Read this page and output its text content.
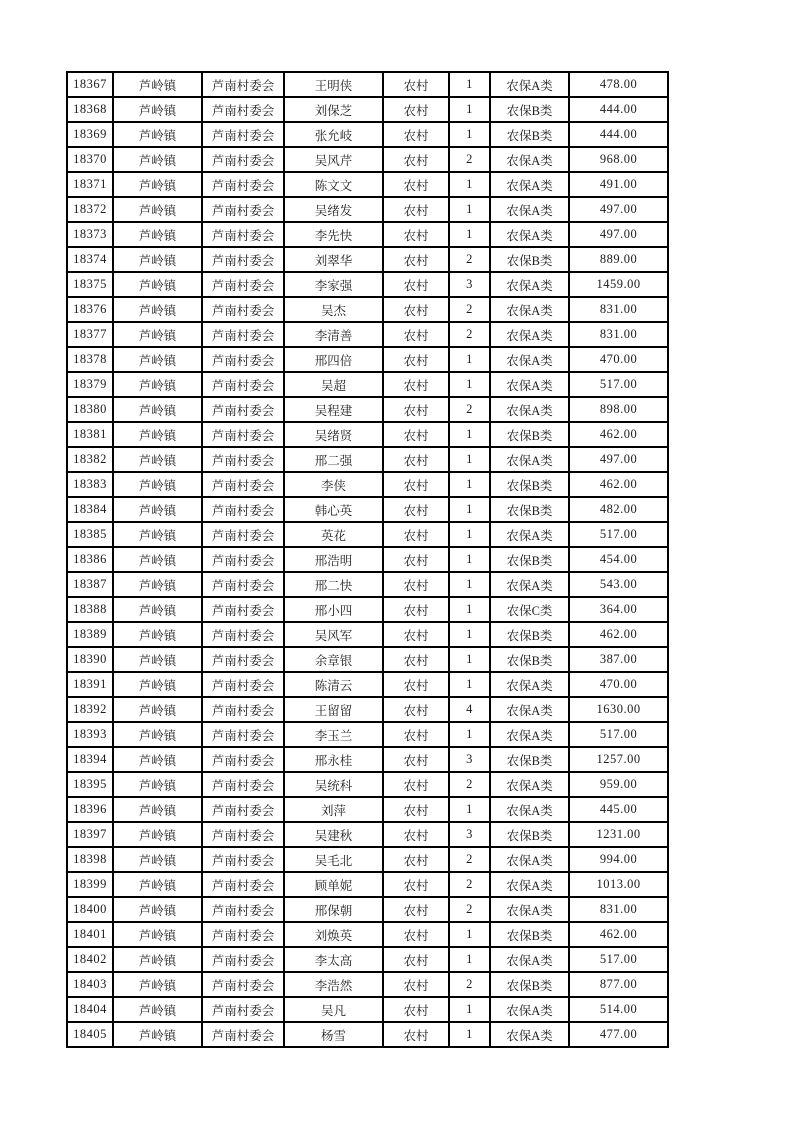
18367	芦岭镇	芦南村委会	王明侠	农村	1	农保A类	478.00
18368	芦岭镇	芦南村委会	刘保芝	农村	1	农保B类	444.00
18369	芦岭镇	芦南村委会	张允岐	农村	1	农保B类	444.00
18370	芦岭镇	芦南村委会	吴风芹	农村	2	农保A类	968.00
18371	芦岭镇	芦南村委会	陈文文	农村	1	农保A类	491.00
18372	芦岭镇	芦南村委会	吴绪发	农村	1	农保A类	497.00
18373	芦岭镇	芦南村委会	李先快	农村	1	农保A类	497.00
18374	芦岭镇	芦南村委会	刘翠华	农村	2	农保B类	889.00
18375	芦岭镇	芦南村委会	李家强	农村	3	农保A类	1459.00
18376	芦岭镇	芦南村委会	吴杰	农村	2	农保A类	831.00
18377	芦岭镇	芦南村委会	李清善	农村	2	农保A类	831.00
18378	芦岭镇	芦南村委会	邢四倍	农村	1	农保A类	470.00
18379	芦岭镇	芦南村委会	吴超	农村	1	农保A类	517.00
18380	芦岭镇	芦南村委会	吴程建	农村	2	农保A类	898.00
18381	芦岭镇	芦南村委会	吴绪贤	农村	1	农保B类	462.00
18382	芦岭镇	芦南村委会	邢二强	农村	1	农保A类	497.00
18383	芦岭镇	芦南村委会	李侠	农村	1	农保B类	462.00
18384	芦岭镇	芦南村委会	韩心英	农村	1	农保B类	482.00
18385	芦岭镇	芦南村委会	英花	农村	1	农保A类	517.00
18386	芦岭镇	芦南村委会	邢浩明	农村	1	农保B类	454.00
18387	芦岭镇	芦南村委会	邢二快	农村	1	农保A类	543.00
18388	芦岭镇	芦南村委会	邢小四	农村	1	农保C类	364.00
18389	芦岭镇	芦南村委会	吴风军	农村	1	农保B类	462.00
18390	芦岭镇	芦南村委会	余章银	农村	1	农保B类	387.00
18391	芦岭镇	芦南村委会	陈清云	农村	1	农保A类	470.00
18392	芦岭镇	芦南村委会	王留留	农村	4	农保A类	1630.00
18393	芦岭镇	芦南村委会	李玉兰	农村	1	农保A类	517.00
18394	芦岭镇	芦南村委会	邢永桂	农村	3	农保B类	1257.00
18395	芦岭镇	芦南村委会	吴统科	农村	2	农保A类	959.00
18396	芦岭镇	芦南村委会	刘萍	农村	1	农保A类	445.00
18397	芦岭镇	芦南村委会	吴建秋	农村	3	农保B类	1231.00
18398	芦岭镇	芦南村委会	吴毛北	农村	2	农保A类	994.00
18399	芦岭镇	芦南村委会	顾单妮	农村	2	农保A类	1013.00
18400	芦岭镇	芦南村委会	邢保朝	农村	2	农保A类	831.00
18401	芦岭镇	芦南村委会	刘焕英	农村	1	农保B类	462.00
18402	芦岭镇	芦南村委会	李太高	农村	1	农保A类	517.00
18403	芦岭镇	芦南村委会	李浩然	农村	2	农保B类	877.00
18404	芦岭镇	芦南村委会	吴凡	农村	1	农保A类	514.00
18405	芦岭镇	芦南村委会	杨雪	农村	1	农保A类	477.00
